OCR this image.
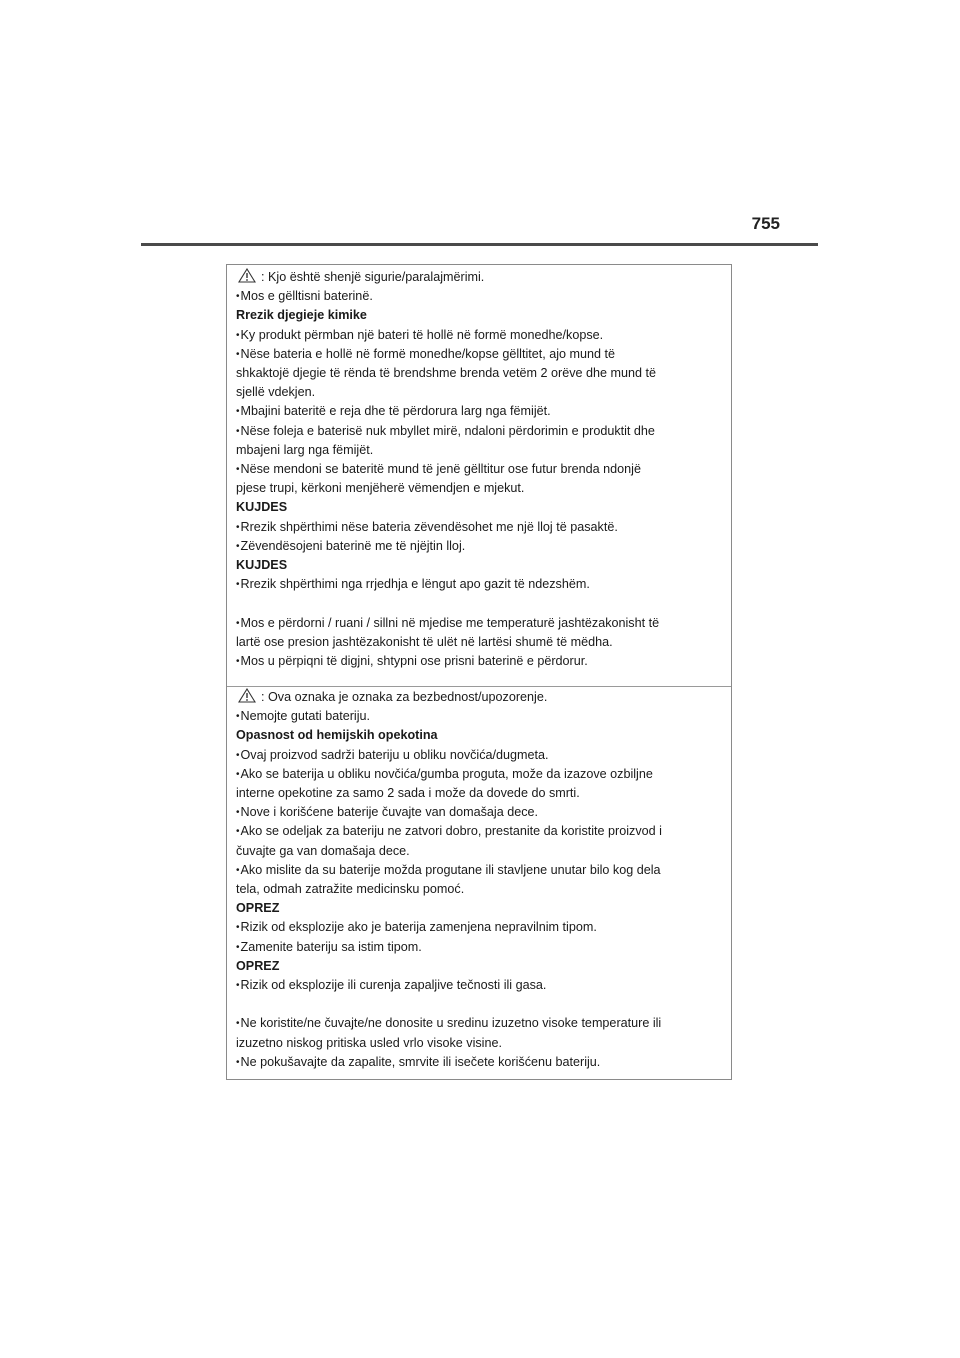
755
: Kjo është shenjë sigurie/paralajmërimi.
•Mos e gëlltisni baterinë.
Rrezik djegieje kimike
•Ky produkt përmban një bateri të hollë në formë monedhe/kopse.
•Nëse bateria e hollë në formë monedhe/kopse gëlltitet, ajo mund të
shkaktojë djegie të rënda të brendshme brenda vetëm 2 orëve dhe mund të
sjellë vdekjen.
•Mbajini bateritë e reja dhe të përdorura larg nga fëmijët.
•Nëse foleja e baterisë nuk mbyllet mirë, ndaloni përdorimin e produktit dhe
mbajeni larg nga fëmijët.
•Nëse mendoni se bateritë mund të jenë gëlltitur ose futur brenda ndonjë
pjese trupi, kërkoni menjëherë vëmendjen e mjekut.
KUJDES
•Rrezik shpërthimi nëse bateria zëvendësohet me një lloj të pasaktë.
•Zëvendësojeni baterinë me të njëjtin lloj.
KUJDES
•Rrezik shpërthimi nga rrjedhja e lëngut apo gazit të ndezshëm.
•Mos e përdorni / ruani / sillni në mjedise me temperaturë jashtëzakonisht të
lartë ose presion jashtëzakonisht të ulët në lartësi shumë të mëdha.
•Mos u përpiqni të digjni, shtypni ose prisni baterinë e përdorur.
: Ova oznaka je oznaka za bezbednost/upozorenje.
•Nemojte gutati bateriju.
Opasnost od hemijskih opekotina
•Ovaj proizvod sadrži bateriju u obliku novčića/dugmeta.
•Ako se baterija u obliku novčića/gumba proguta, može da izazove ozbiljne
interne opekotine za samo 2 sada i može da dovede do smrti.
•Nove i korišćene baterije čuvajte van domašaja dece.
•Ako se odeljak za bateriju ne zatvori dobro, prestanite da koristite proizvod i
čuvajte ga van domašaja dece.
•Ako mislite da su baterije možda progutane ili stavljene unutar bilo kog dela
tela, odmah zatražite medicinsku pomoć.
OPREZ
•Rizik od eksplozije ako je baterija zamenjena nepravilnim tipom.
•Zamenite bateriju sa istim tipom.
OPREZ
•Rizik od eksplozije ili curenja zapaljive tečnosti ili gasa.
•Ne koristite/ne čuvajte/ne donosite u sredinu izuzetno visoke temperature ili
izuzetno niskog pritiska usled vrlo visoke visine.
•Ne pokušavajte da zapalite, smrvite ili isečete korišćenu bateriju.
